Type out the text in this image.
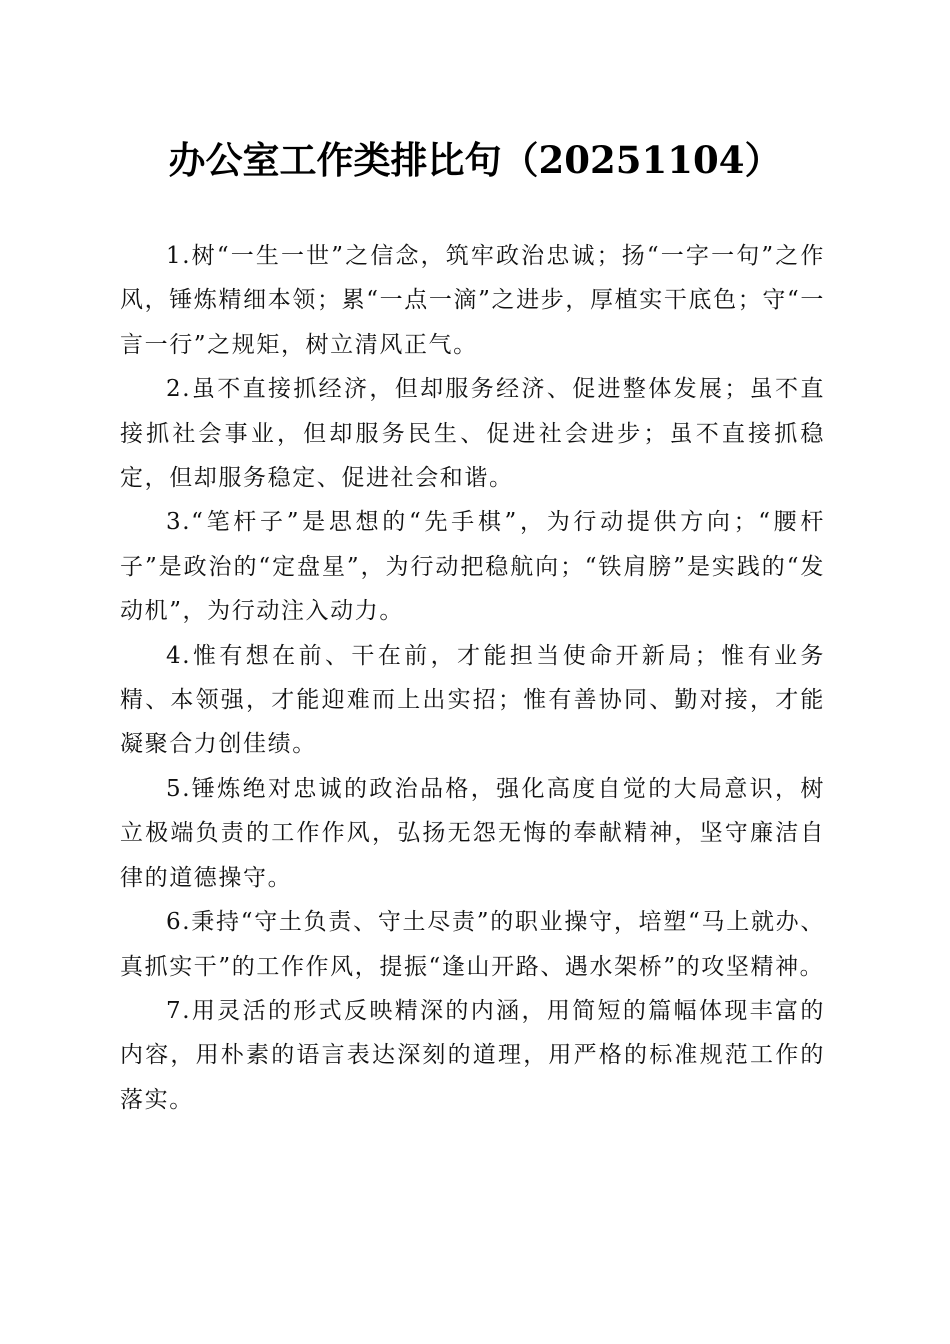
办公室工作类排比句（20251104）

1.树“一生一世”之信念，筑牢政治忠诚；扬“一字一句”之作风，锤炼精细本领；累“一点一滴”之进步，厚植实干底色；守“一言一行”之规矩，树立清风正气。

2.虽不直接抓经济，但却服务经济、促进整体发展；虽不直接抓社会事业，但却服务民生、促进社会进步；虽不直接抓稳定，但却服务稳定、促进社会和谐。

3.“笔杆子”是思想的“先手棋”，为行动提供方向；“腰杆子”是政治的“定盘星”，为行动把稳航向；“铁肩膀”是实践的“发动机”，为行动注入动力。

4.惟有想在前、干在前，才能担当使命开新局；惟有业务精、本领强，才能迎难而上出实招；惟有善协同、勤对接，才能凝聚合力创佳绩。

5.锤炼绝对忠诚的政治品格，强化高度自觉的大局意识，树立极端负责的工作作风，弘扬无怨无悔的奉献精神，坚守廉洁自律的道德操守。

6.秉持“守土负责、守土尽责”的职业操守，培塑“马上就办、真抓实干”的工作作风，提振“逢山开路、遇水架桥”的攻坚精神。

7.用灵活的形式反映精深的内涵，用简短的篇幅体现丰富的内容，用朴素的语言表达深刻的道理，用严格的标准规范工作的落实。
